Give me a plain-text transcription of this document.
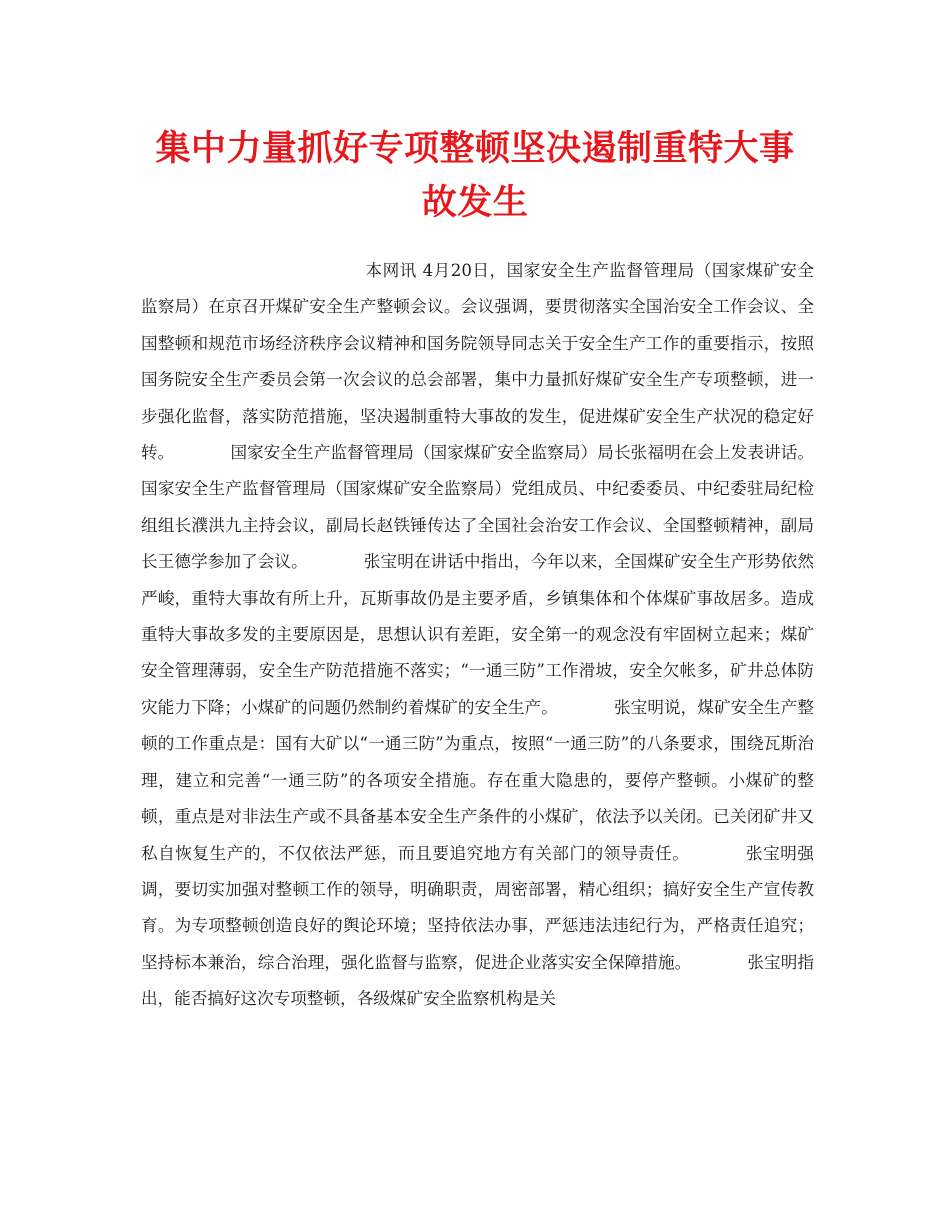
集中力量抓好专项整顿坚决遏制重特大事故发生

本网讯 4月20日，国家安全生产监督管理局（国家煤矿安全监察局）在京召开煤矿安全生产整顿会议。会议强调，要贯彻落实全国治安全工作会议、全国整顿和规范市场经济秩序会议精神和国务院领导同志关于安全生产工作的重要指示，按照国务院安全生产委员会第一次会议的总会部署，集中力量抓好煤矿安全生产专项整顿，进一步强化监督，落实防范措施，坚决遏制重特大事故的发生，促进煤矿安全生产状况的稳定好转。	国家安全生产监督管理局（国家煤矿安全监察局）局长张福明在会上发表讲话。国家安全生产监督管理局（国家煤矿安全监察局）党组成员、中纪委委员、中纪委驻局纪检组组长濮洪九主持会议，副局长赵铁锤传达了全国社会治安工作会议、全国整顿精神，副局长王德学参加了会议。	张宝明在讲话中指出，今年以来，全国煤矿安全生产形势依然严峻，重特大事故有所上升，瓦斯事故仍是主要矛盾，乡镇集体和个体煤矿事故居多。造成重特大事故多发的主要原因是，思想认识有差距，安全第一的观念没有牢固树立起来；煤矿安全管理薄弱，安全生产防范措施不落实；“一通三防”工作滑坡，安全欠帐多，矿井总体防灾能力下降；小煤矿的问题仍然制约着煤矿的安全生产。	张宝明说，煤矿安全生产整顿的工作重点是：国有大矿以“一通三防”为重点，按照“一通三防”的八条要求，围绕瓦斯治理，建立和完善“一通三防”的各项安全措施。存在重大隐患的，要停产整顿。小煤矿的整顿，重点是对非法生产或不具备基本安全生产条件的小煤矿，依法予以关闭。已关闭矿井又私自恢复生产的，不仅依法严惩，而且要追究地方有关部门的领导责任。	张宝明强调，要切实加强对整顿工作的领导，明确职责，周密部署，精心组织；搞好安全生产宣传教育。为专项整顿创造良好的舆论环境；坚持依法办事，严惩违法违纪行为，严格责任追究；坚持标本兼治，综合治理，强化监督与监察，促进企业落实安全保障措施。	张宝明指出，能否搞好这次专项整顿，各级煤矿安全监察机构是关
